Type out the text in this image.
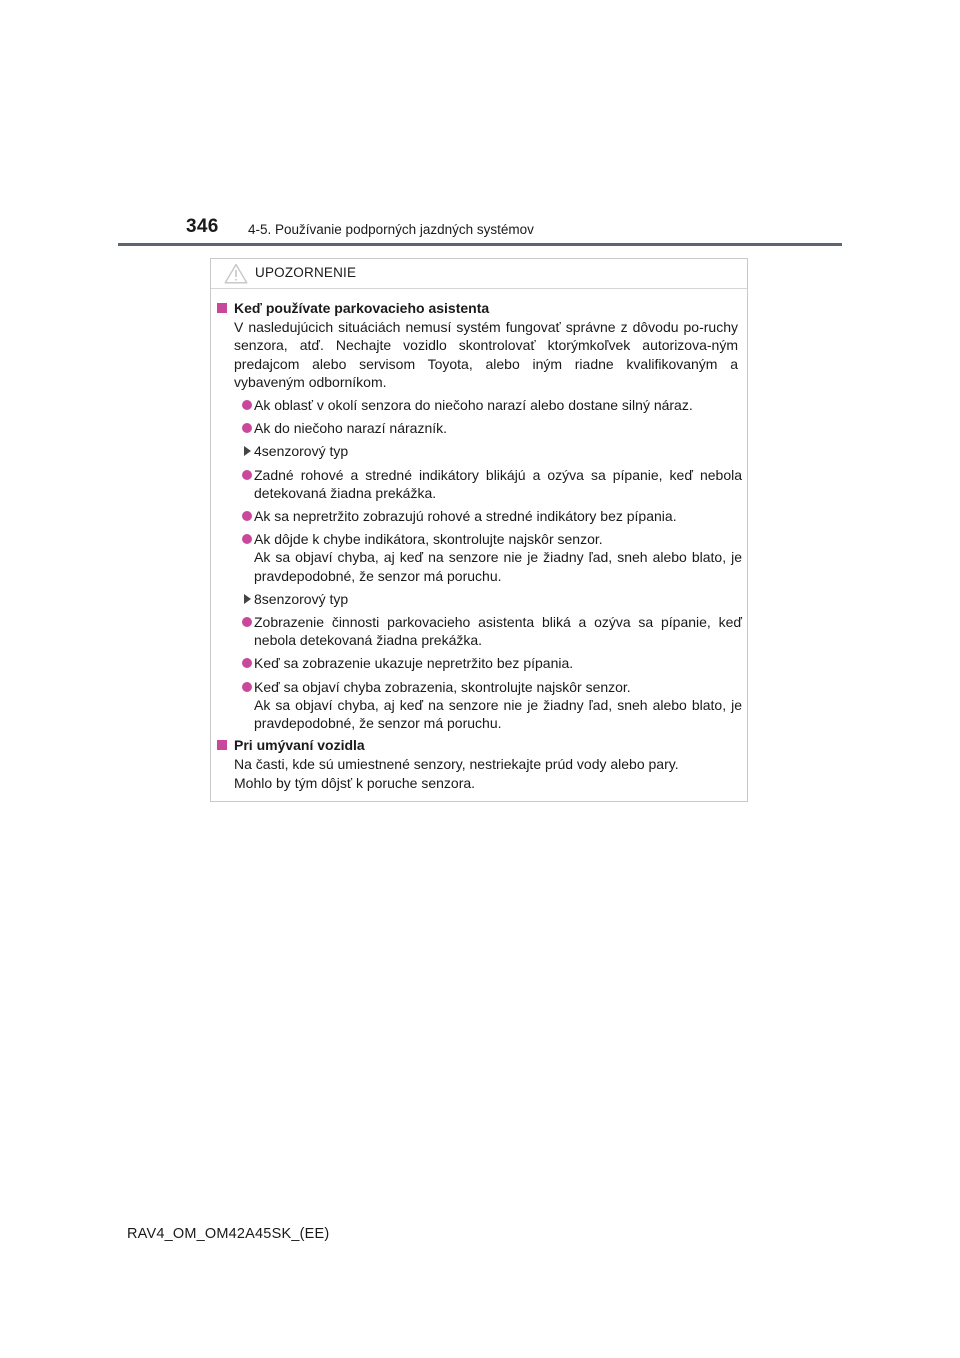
346 4-5. Používanie podporných jazdných systémov
UPOZORNENIE
Keď používate parkovacieho asistenta
V nasledujúcich situáciách nemusí systém fungovať správne z dôvodu po-ruchy senzora, atď. Nechajte vozidlo skontrolovať ktorýmkoľvek autorizova-ným predajcom alebo servisom Toyota, alebo iným riadne kvalifikovaným a vybaveným odborníkom.
Ak oblasť v okolí senzora do niečoho narazí alebo dostane silný náraz.
Ak do niečoho narazí nárazník.
4senzorový typ
Zadné rohové a stredné indikátory blikájú a ozýva sa pípanie, keď nebola detekovaná žiadna prekážka.
Ak sa nepretržito zobrazujú rohové a stredné indikátory bez pípania.
Ak dôjde k chybe indikátora, skontrolujte najskôr senzor.
Ak sa objaví chyba, aj keď na senzore nie je žiadny ľad, sneh alebo blato, je pravdepodobné, že senzor má poruchu.
8senzorový typ
Zobrazenie činnosti parkovacieho asistenta bliká a ozýva sa pípanie, keď nebola detekovaná žiadna prekážka.
Keď sa zobrazenie ukazuje nepretržito bez pípania.
Keď sa objaví chyba zobrazenia, skontrolujte najskôr senzor.
Ak sa objaví chyba, aj keď na senzore nie je žiadny ľad, sneh alebo blato, je pravdepodobné, že senzor má poruchu.
Pri umývaní vozidla
Na časti, kde sú umiestnené senzory, nestriekajte prúd vody alebo pary.
Mohlo by tým dôjsť k poruche senzora.
RAV4_OM_OM42A45SK_(EE)
